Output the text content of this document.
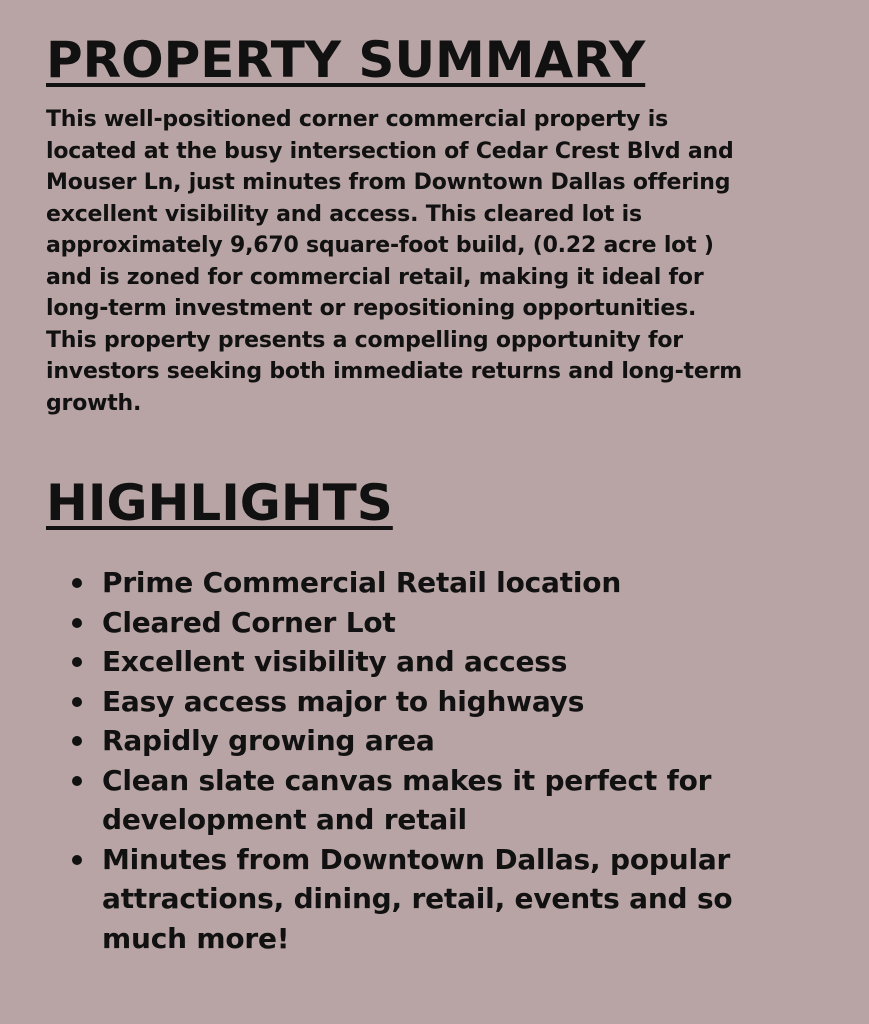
PROPERTY SUMMARY

This well-positioned corner commercial property is located at the busy intersection of Cedar Crest Blvd and Mouser Ln, just minutes from Downtown Dallas offering excellent visibility and access. This cleared lot is approximately 9,670 square-foot build, (0.22 acre lot ) and is zoned for commercial retail, making it ideal for long-term investment or repositioning opportunities. This property presents a compelling opportunity for investors seeking both immediate returns and long-term growth.

HIGHLIGHTS
Prime Commercial Retail location
Cleared Corner Lot
Excellent visibility and access
Easy access major to highways
Rapidly growing area
Clean slate canvas makes it perfect for development and retail
Minutes from Downtown Dallas, popular attractions, dining, retail, events and so much more!
